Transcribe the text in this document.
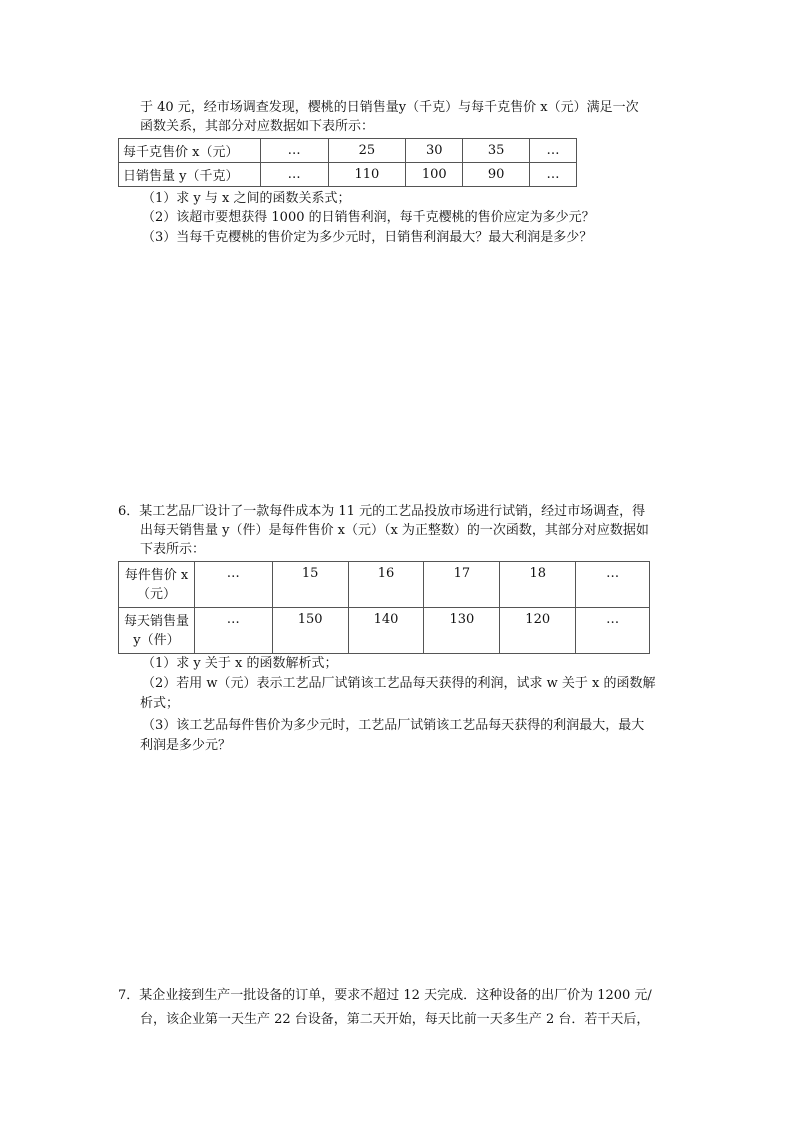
于 40 元，经市场调查发现，樱桃的日销售量y（千克）与每千克售价 x（元）满足一次
函数关系，其部分对应数据如下表所示：
每千克售价 x（元）	…	25	30	35	…
日销售量 y（千克）	…	110	100	90	…
（1）求 y 与 x 之间的函数关系式；
（2）该超市要想获得 1000 的日销售利润，每千克樱桃的售价应定为多少元？
（3）当每千克樱桃的售价定为多少元时，日销售利润最大？最大利润是多少？
6．某工艺品厂设计了一款每件成本为 11 元的工艺品投放市场进行试销，经过市场调查，得
出每天销售量 y（件）是每件售价 x（元）（x 为正整数）的一次函数，其部分对应数据如
下表所示：
每件售价 x
（元）	…	15	16	17	18	…

每天销售量
y（件）	…	150	140	130	120	…
（1）求 y 关于 x 的函数解析式；
（2）若用 w（元）表示工艺品厂试销该工艺品每天获得的利润，试求 w 关于 x 的函数解
析式；
（3）该工艺品每件售价为多少元时，工艺品厂试销该工艺品每天获得的利润最大，最大
利润是多少元？
7．某企业接到生产一批设备的订单，要求不超过 12 天完成．这种设备的出厂价为 1200 元/
台，该企业第一天生产 22 台设备，第二天开始，每天比前一天多生产 2 台．若干天后，
